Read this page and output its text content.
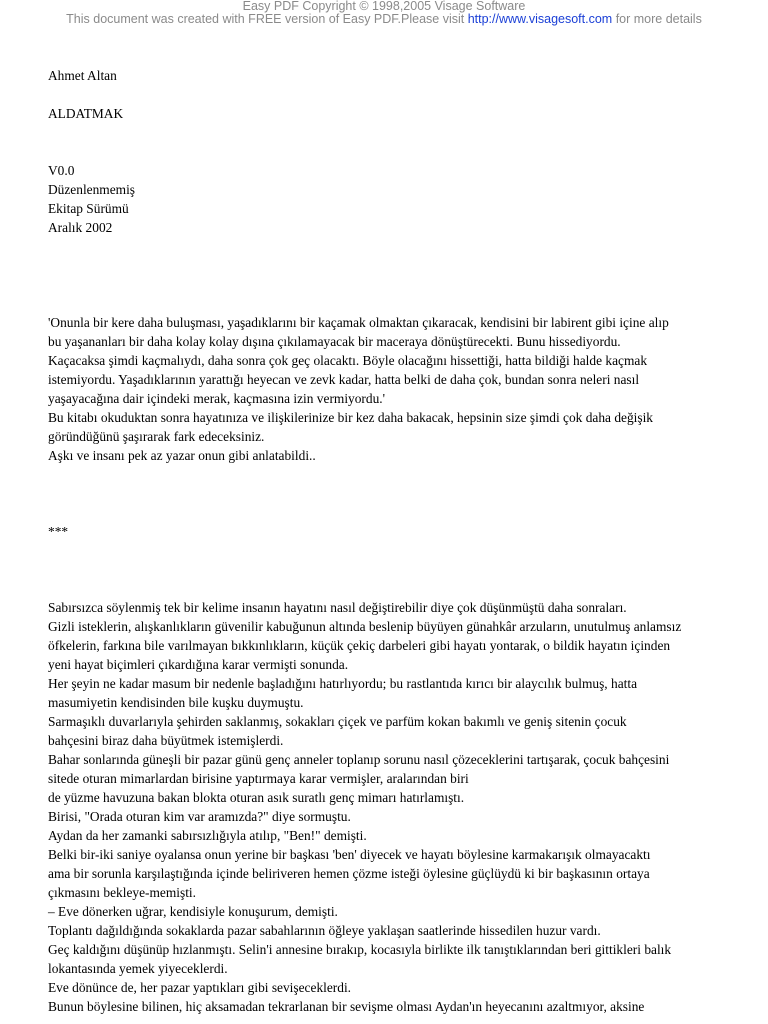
Easy PDF Copyright © 1998,2005 Visage Software
This document was created with FREE version of Easy PDF.Please visit http://www.visagesoft.com for more details
Ahmet Altan
ALDATMAK
V0.0
Düzenlenmemiş
Ekitap Sürümü
Aralık 2002
'Onunla bir kere daha buluşması, yaşadıklarını bir kaçamak olmaktan çıkaracak, kendisini bir labirent gibi içine alıp
bu yaşananları bir daha kolay kolay dışına çıkılamayacak bir maceraya dönüştürecekti. Bunu hissediyordu.
Kaçacaksa şimdi kaçmalıydı, daha sonra çok geç olacaktı. Böyle olacağını hissettiği, hatta bildiği halde kaçmak
istemiyordu. Yaşadıklarının yarattığı heyecan ve zevk kadar, hatta belki de daha çok, bundan sonra neleri nasıl
yaşayacağına dair içindeki merak, kaçmasına izin vermiyordu.'
Bu kitabı okuduktan sonra hayatınıza ve ilişkilerinize bir kez daha bakacak, hepsinin size şimdi çok daha değişik
göründüğünü şaşırarak fark edeceksiniz.
Aşkı ve insanı pek az yazar onun gibi anlatabildi..
***
Sabırsızca söylenmiş tek bir kelime insanın hayatını nasıl değiştirebilir diye çok düşünmüştü daha sonraları.
Gizli isteklerin, alışkanlıkların güvenilir kabuğunun altında beslenip büyüyen günahkâr arzuların, unutulmuş anlamsız
öfkelerin, farkına bile varılmayan bıkkınlıkların, küçük çekiç darbeleri gibi hayatı yontarak, o bildik hayatın içinden
yeni hayat biçimleri çıkardığına karar vermişti sonunda.
Her şeyin ne kadar masum bir nedenle başladığını hatırlıyordu; bu rastlantıda kırıcı bir alaycılık bulmuş, hatta
masumiyetin kendisinden bile kuşku duymuştu.
Sarmaşıklı duvarlarıyla şehirden saklanmış, sokakları çiçek ve parfüm kokan bakımlı ve geniş sitenin çocuk
bahçesini biraz daha büyütmek istemişlerdi.
Bahar sonlarında güneşli bir pazar günü genç anneler toplanıp sorunu nasıl çözeceklerini tartışarak, çocuk bahçesini
sitede oturan mimarlardan birisine yaptırmaya karar vermişler, aralarından biri
de yüzme havuzuna bakan blokta oturan asık suratlı genç mimarı hatırlamıştı.
Birisi, "Orada oturan kim var aramızda?" diye sormuştu.
Aydan da her zamanki sabırsızlığıyla atılıp, "Ben!" demişti.
Belki bir-iki saniye oyalansa onun yerine bir başkası 'ben' diyecek ve hayatı böylesine karmakarışık olmayacaktı
ama bir sorunla karşılaştığında içinde beliriveren hemen çözme isteği öylesine güçlüydü ki bir başkasının ortaya
çıkmasını bekleye-memişti.
– Eve dönerken uğrar, kendisiyle konuşurum, demişti.
Toplantı dağıldığında sokaklarda pazar sabahlarının öğleye yaklaşan saatlerinde hissedilen huzur vardı.
Geç kaldığını düşünüp hızlanmıştı. Selin'i annesine bırakıp, kocasıyla birlikte ilk tanıştıklarından beri gittikleri balık
lokantasında yemek yiyeceklerdi.
Eve dönünce de, her pazar yaptıkları gibi sevişeceklerdi.
Bunun böylesine bilinen, hiç aksamadan tekrarlanan bir sevişme olması Aydan'ın heyecanını azaltmıyor, aksine
